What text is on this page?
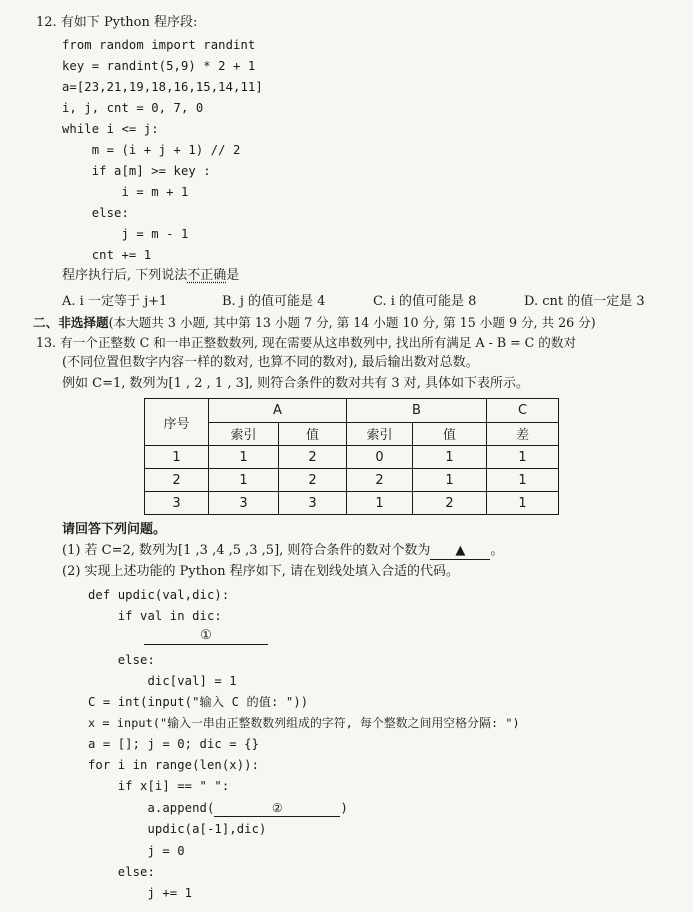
12. 有如下 Python 程序段:
from random import randint
key = randint(5,9) * 2 + 1
a=[23,21,19,18,16,15,14,11]
i, j, cnt = 0, 7, 0
while i <= j:
m = (i + j + 1) // 2
if a[m] >= key :
i = m + 1
else:
j = m - 1
cnt += 1
程序执行后, 下列说法不正确是
A. i 一定等于 j+1	B. j 的值可能是 4	C. i 的值可能是 8	D. cnt 的值一定是 3
二、非选择题(本大题共 3 小题, 其中第 13 小题 7 分, 第 14 小题 10 分, 第 15 小题 9 分, 共 26 分)
13. 有一个正整数 C 和一串正整数数列, 现在需要从这串数列中, 找出所有满足 A - B = C 的数对
(不同位置但数字内容一样的数对, 也算不同的数对), 最后输出数对总数。
例如 C=1, 数列为[1 , 2 , 1 , 3], 则符合条件的数对共有 3 对, 具体如下表所示。
序号	A		B		C
	索引	值	索引	值	差
1	1	2	0	1	1
2	1	2	2	1	1
3	3	3	1	2	1
请回答下列问题。
(1) 若 C=2, 数列为[1 ,3 ,4 ,5 ,3 ,5], 则符合条件的数对个数为 ▲ 。
(2) 实现上述功能的 Python 程序如下, 请在划线处填入合适的代码。
def updic(val,dic):
if val in dic:
①
else:
dic[val] = 1
C = int(input("输入 C 的值: "))
x = input("输入一串由正整数数列组成的字符, 每个整数之间用空格分隔: ")
a = []; j = 0; dic = {}
for i in range(len(x)):
if x[i] == " ":
a.append(	②	)
updic(a[-1],dic)
j = 0
else:
j += 1
